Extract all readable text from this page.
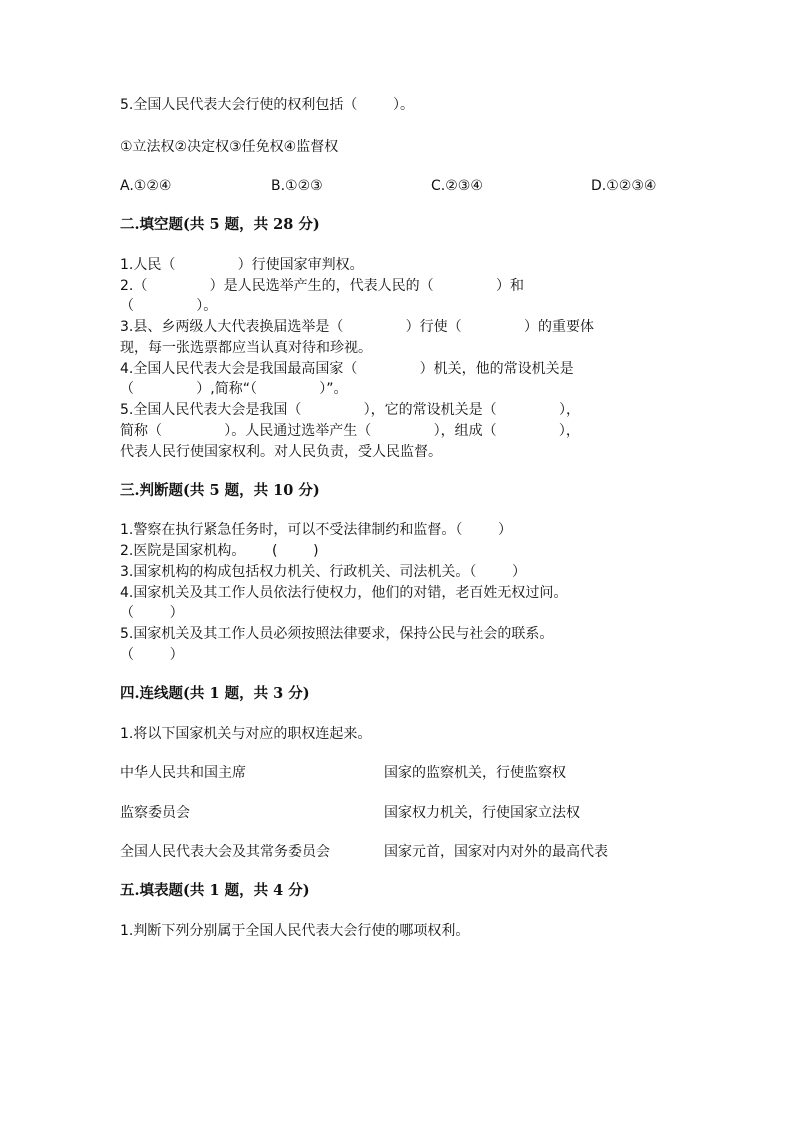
5.全国人民代表大会行使的权利包括（        ）。
①立法权②决定权③任免权④监督权
A.①②④	B.①②③	C.②③④	D.①②③④
二.填空题(共 5 题，共 28 分)
1.人民（              ）行使国家审判权。
2.（              ）是人民选举产生的，代表人民的（              ）和
（              ）。
3.县、乡两级人大代表换届选举是（              ）行使（              ）的重要体
现，每一张选票都应当认真对待和珍视。
4.全国人民代表大会是我国最高国家（              ）机关，他的常设机关是
（              ）,简称“（              ）”。
5.全国人民代表大会是我国（              ），它的常设机关是（              ），
简称（              ）。人民通过选举产生（              ），组成（              ），
代表人民行使国家权利。对人民负责，受人民监督。
三.判断题(共 5 题，共 10 分)
1.警察在执行紧急任务时，可以不受法律制约和监督。（        ）
2.医院是国家机构。      (        )
3.国家机构的构成包括权力机关、行政机关、司法机关。（        ）
4.国家机关及其工作人员依法行使权力，他们的对错，老百姓无权过问。
（        ）
5.国家机关及其工作人员必须按照法律要求，保持公民与社会的联系。
（        ）
四.连线题(共 1 题，共 3 分)
1.将以下国家机关与对应的职权连起来。
中华人民共和国主席	国家的监察机关，行使监察权
监察委员会	国家权力机关，行使国家立法权
全国人民代表大会及其常务委员会	国家元首，国家对内对外的最高代表
五.填表题(共 1 题，共 4 分)
1.判断下列分别属于全国人民代表大会行使的哪项权利。
